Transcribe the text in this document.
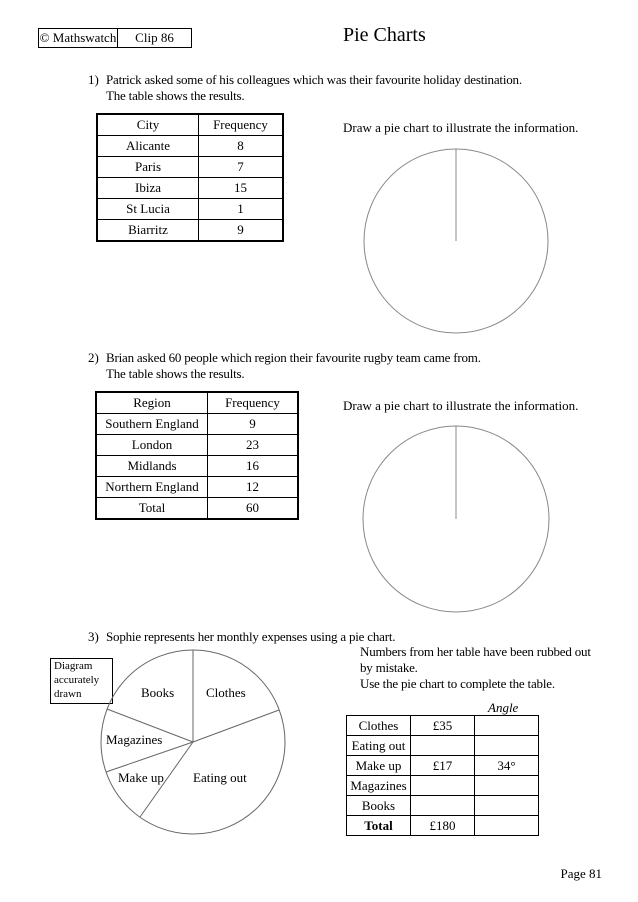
© Mathswatch	Clip 86	Pie Charts
1) Patrick asked some of his colleagues which was their favourite holiday destination.
The table shows the results.
City	Frequency
Alicante	8
Paris	7
Ibiza	15
St Lucia	1
Biarritz	9
Draw a pie chart to illustrate the information.
2) Brian asked 60 people which region their favourite rugby team came from.
The table shows the results.
Region	Frequency
Southern England	9
London	23
Midlands	16
Northern England	12
Total	60
Draw a pie chart to illustrate the information.
3) Sophie represents her monthly expenses using a pie chart.
Numbers from her table have been rubbed out
by mistake.
Use the pie chart to complete the table.
Diagram
accurately
drawn	Books Clothes
Magazines
Make up Eating out
Angle
Clothes	£35	
Eating out		
Make up	£17	34°
Magazines		
Books		
Total	£180	
Page 81
